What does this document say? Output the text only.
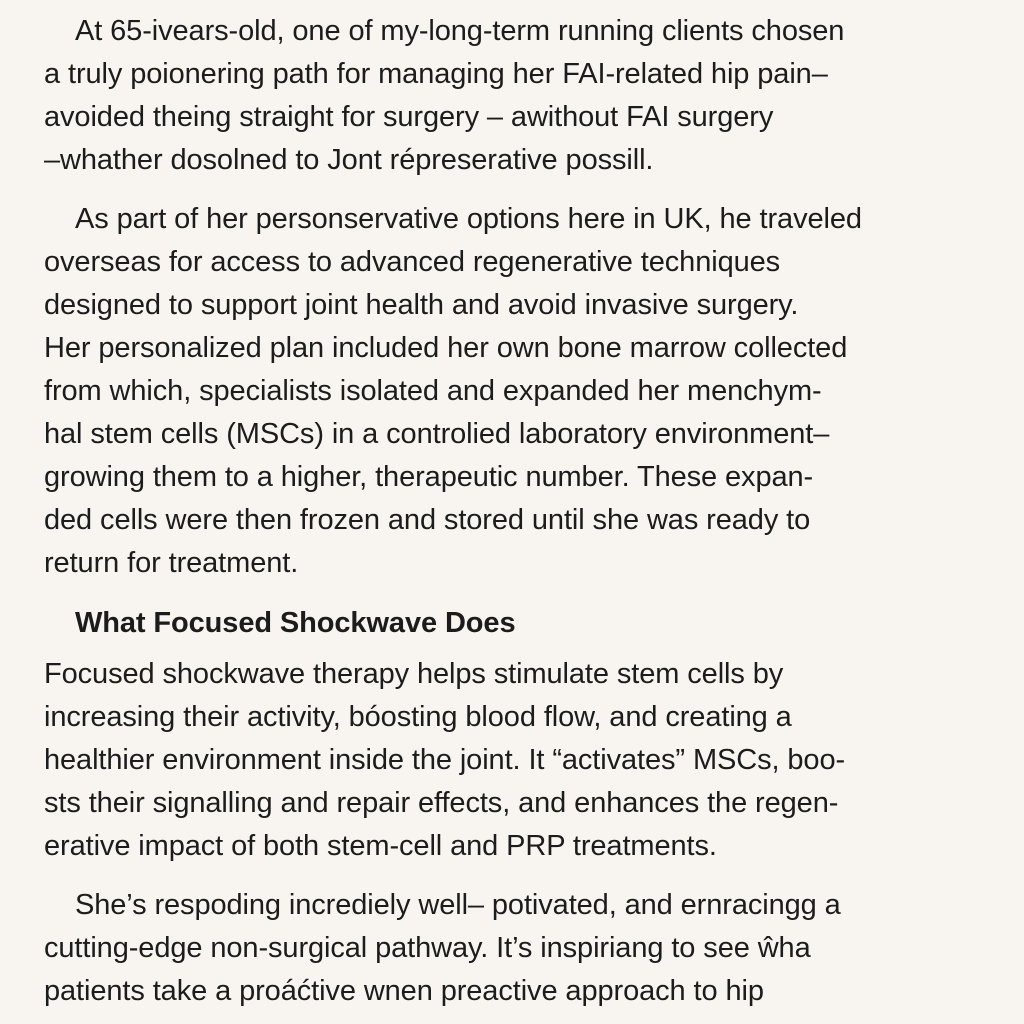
At 65-ivears-old, one of my-long-term running clients chosen
a truly poionering path for managing her FAI-related hip pain–
avoided theing straight for surgery – awithout FAI surgery
–whather dosolned to Jont répreserative possill.
As part of her personservative options here in UK, he traveled
overseas for access to advanced regenerative techniques
designed to support joint health and avoid invasive surgery.
Her personalized plan included her own bone marrow collected
from which, specialists isolated and expanded her menchym-
hal stem cells (MSCs) in a controlied laboratory environment–
growing them to a higher, therapeutic number. These expan-
ded cells were then frozen and stored until she was ready to
return for treatment.
What Focused Shockwave Does
Focused shockwave therapy helps stimulate stem cells by
increasing their activity, bóosting blood flow, and creating a
healthier environment inside the joint. It “activates” MSCs, boo-
sts their signalling and repair effects, and enhances the regen-
erative impact of both stem-cell and PRP treatments.
She’s respoding incrediely well– potivated, and ernracingg a
cutting-edge non-surgical pathway. It’s inspiriang to see ŵha
patients take a proáćtive wnen preactive approach to hip
